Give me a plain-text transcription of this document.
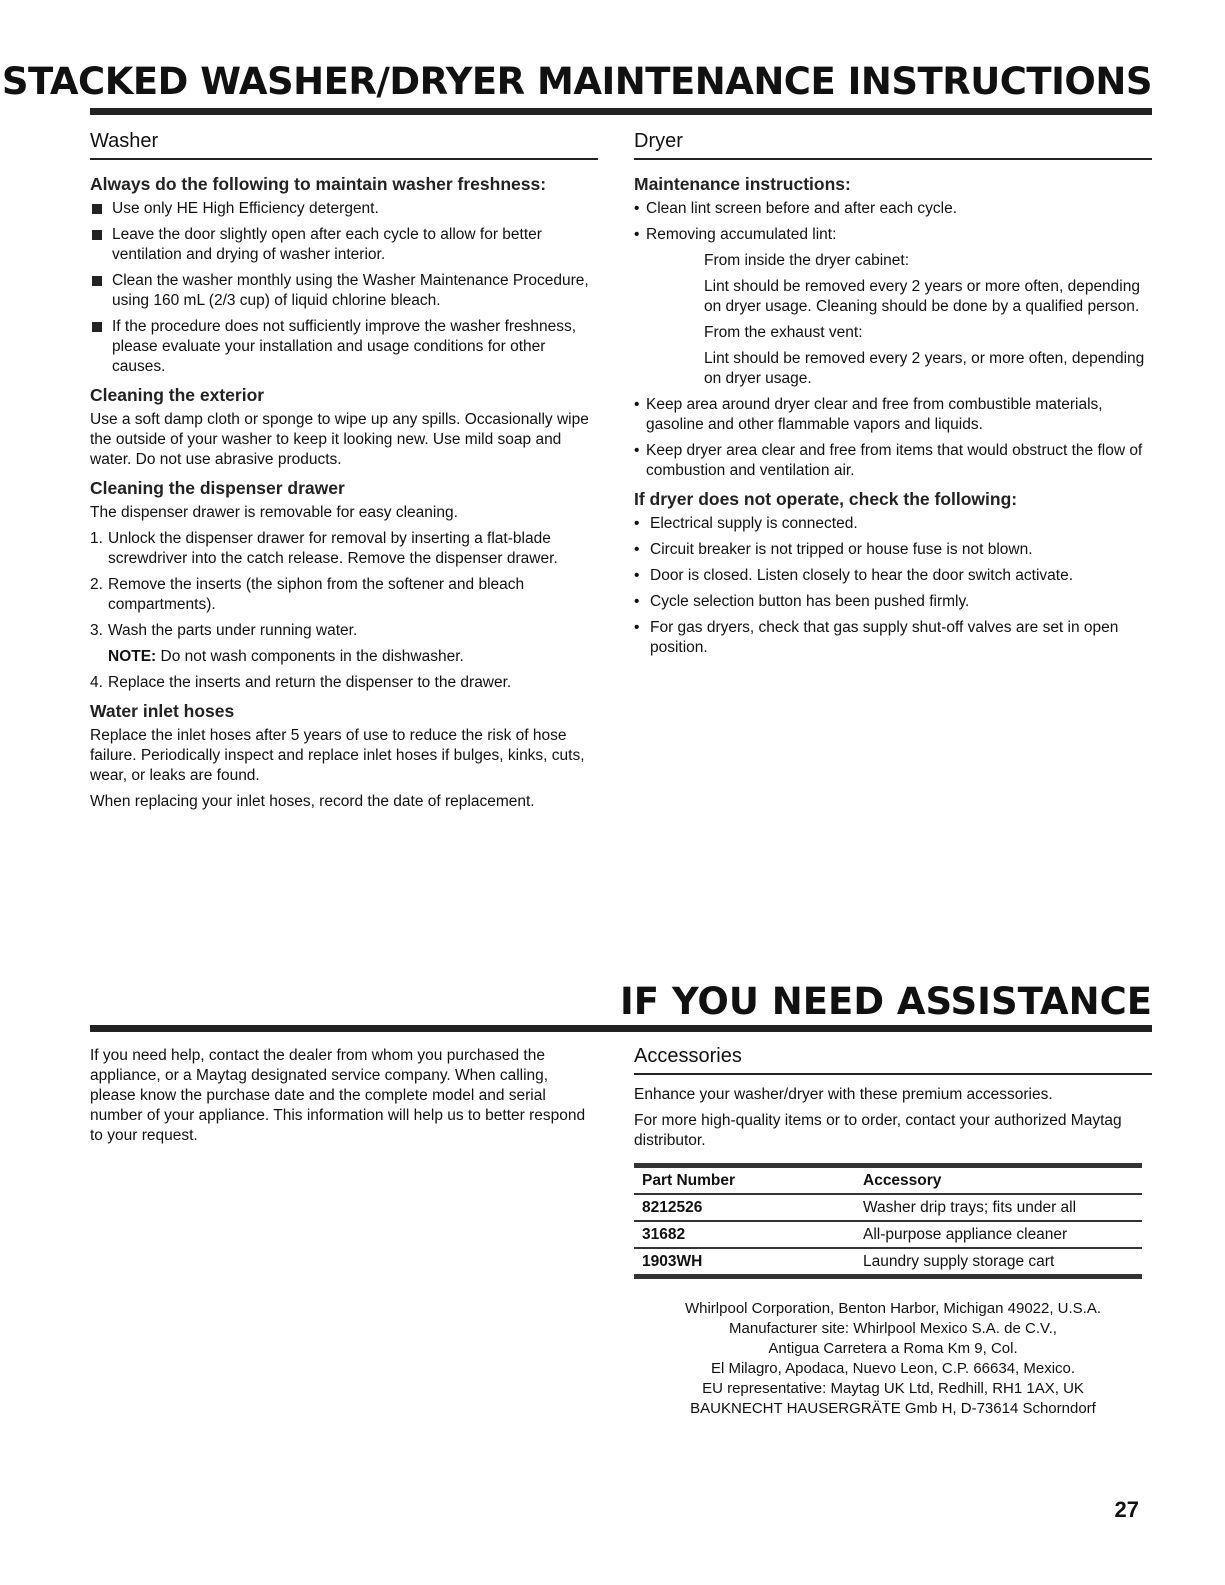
STACKED WASHER/DRYER MAINTENANCE INSTRUCTIONS
Washer
Always do the following to maintain washer freshness:
Use only HE High Efficiency detergent.
Leave the door slightly open after each cycle to allow for better ventilation and drying of washer interior.
Clean the washer monthly using the Washer Maintenance Procedure, using 160 mL (2/3 cup) of liquid chlorine bleach.
If the procedure does not sufficiently improve the washer freshness, please evaluate your installation and usage conditions for other causes.
Cleaning the exterior

Use a soft damp cloth or sponge to wipe up any spills. Occasionally wipe the outside of your washer to keep it looking new. Use mild soap and water. Do not use abrasive products.

Cleaning the dispenser drawer

The dispenser drawer is removable for easy cleaning.

1. Unlock the dispenser drawer for removal by inserting a flat-blade screwdriver into the catch release. Remove the dispenser drawer.
2. Remove the inserts (the siphon from the softener and bleach compartments).
3. Wash the parts under running water.

NOTE: Do not wash components in the dishwasher.

4. Replace the inserts and return the dispenser to the drawer.
Water inlet hoses

Replace the inlet hoses after 5 years of use to reduce the risk of hose failure. Periodically inspect and replace inlet hoses if bulges, kinks, cuts, wear, or leaks are found.

When replacing your inlet hoses, record the date of replacement.

Dryer
Maintenance instructions:
• Clean lint screen before and after each cycle.
• Removing accumulated lint:

From inside the dryer cabinet:

Lint should be removed every 2 years or more often, depending on dryer usage. Cleaning should be done by a qualified person.

From the exhaust vent:

Lint should be removed every 2 years, or more often, depending on dryer usage.

• Keep area around dryer clear and free from combustible materials, gasoline and other flammable vapors and liquids.
• Keep dryer area clear and free from items that would obstruct the flow of combustion and ventilation air.
If dryer does not operate, check the following:
• Electrical supply is connected.
• Circuit breaker is not tripped or house fuse is not blown.
• Door is closed. Listen closely to hear the door switch activate.
• Cycle selection button has been pushed firmly.
• For gas dryers, check that gas supply shut-off valves are set in open position.
IF YOU NEED ASSISTANCE

If you need help, contact the dealer from whom you purchased the appliance, or a Maytag designated service company. When calling, please know the purchase date and the complete model and serial number of your appliance. This information will help us to better respond to your request.

Accessories

Enhance your washer/dryer with these premium accessories.

For more high-quality items or to order, contact your authorized Maytag distributor.

Part Number	Accessory
8212526	Washer drip trays; fits under all
31682	All-purpose appliance cleaner
1903WH	Laundry supply storage cart

Whirlpool Corporation, Benton Harbor, Michigan 49022, U.S.A.

Manufacturer site: Whirlpool Mexico S.A. de C.V.,

Antigua Carretera a Roma Km 9, Col.

El Milagro, Apodaca, Nuevo Leon, C.P. 66634, Mexico.

EU representative: Maytag UK Ltd, Redhill, RH1 1AX, UK

BAUKNECHT HAUSERGRÄTE Gmb H, D-73614 Schorndorf

27
